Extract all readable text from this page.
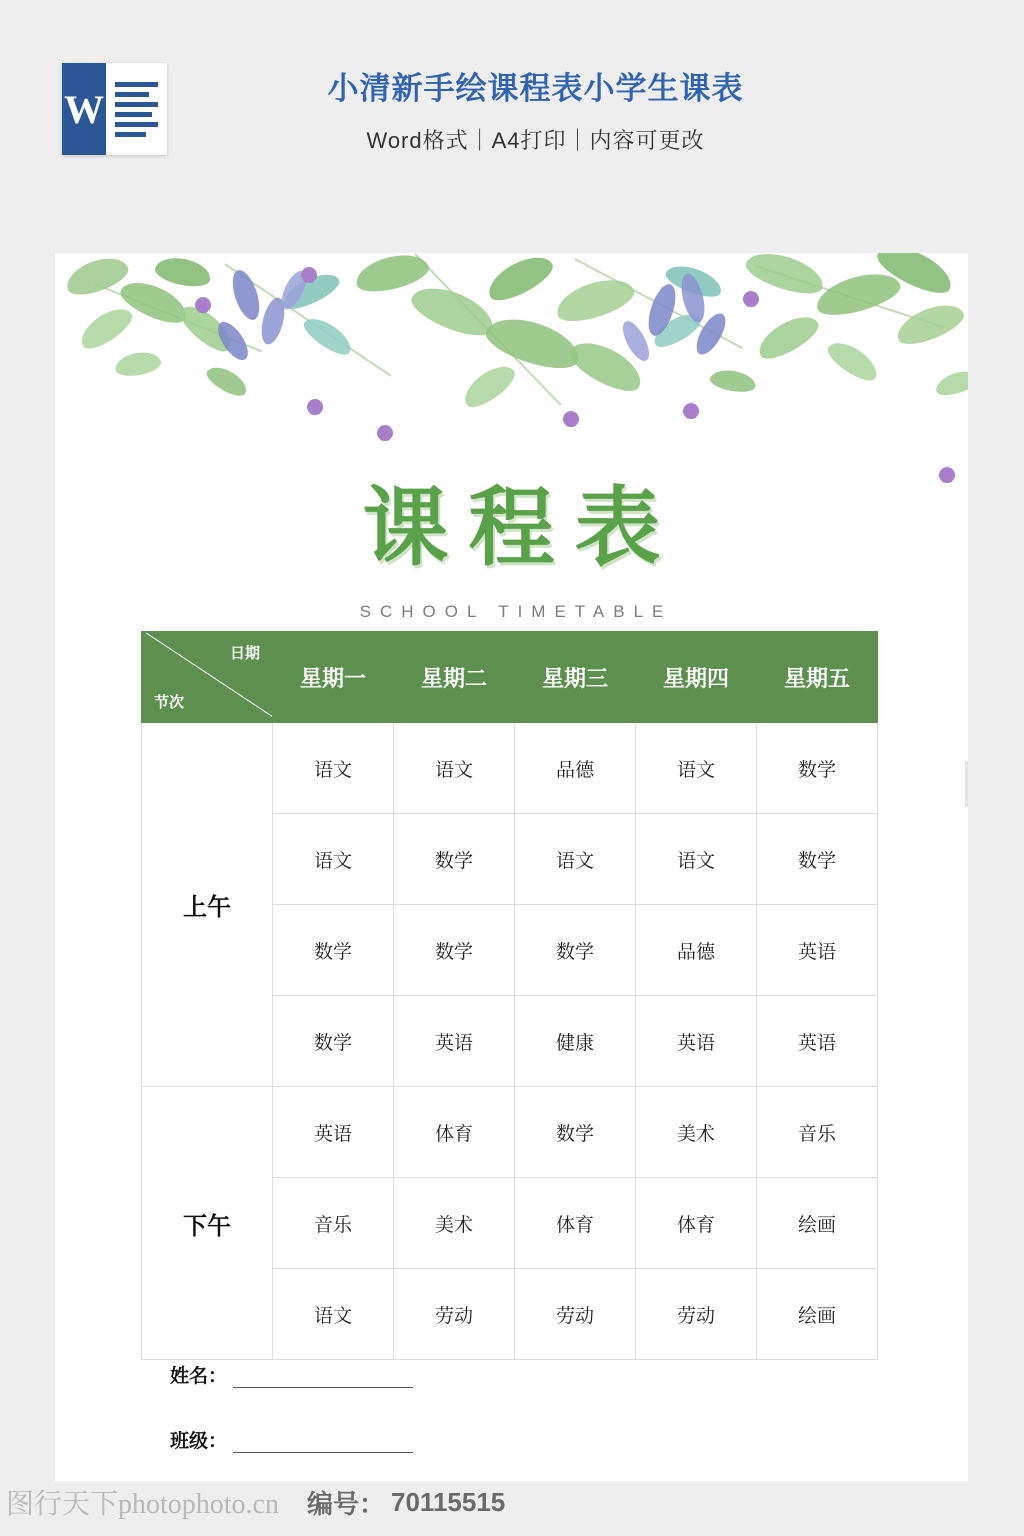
W	小清新手绘课程表小学生课表
Word格式｜A4打印｜内容可更改
课程表
SCHOOL TIMETABLE
日期
节次	星期一	星期二	星期三	星期四	星期五
上午	语文	语文	品德	语文	数学
	语文	数学	语文	语文	数学
	数学	数学	数学	品德	英语
	数学	英语	健康	英语	英语
下午	英语	体育	数学	美术	音乐
	音乐	美术	体育	体育	绘画
	语文	劳动	劳动	劳动	绘画
姓名：
班级：
图行天下photophoto.cn 编号： 70115515
